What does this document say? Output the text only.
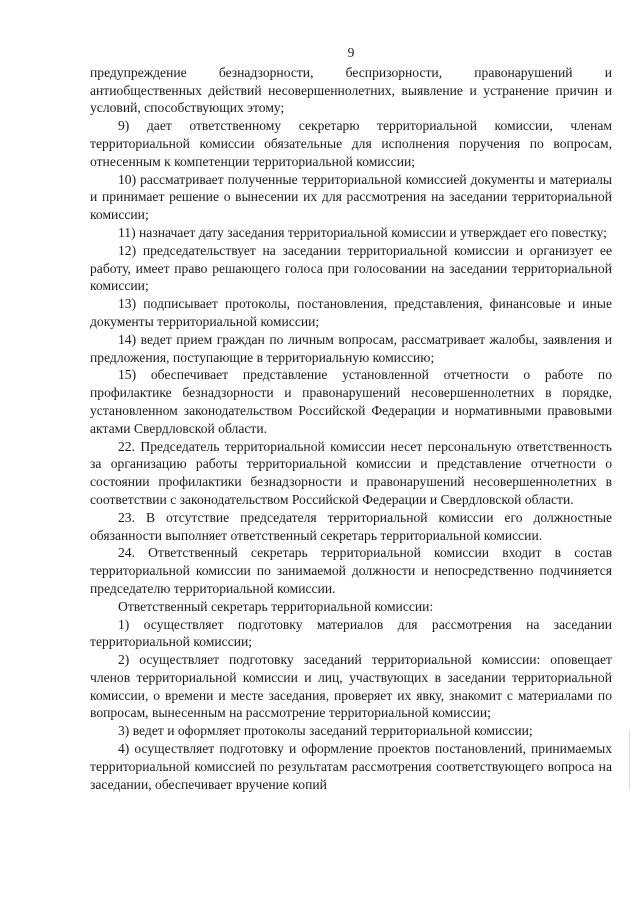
9

предупреждение безнадзорности, беспризорности, правонарушений и антиобщественных действий несовершеннолетних, выявление и устранение причин и условий, способствующих этому;

9) дает ответственному секретарю территориальной комиссии, членам территориальной комиссии обязательные для исполнения поручения по вопросам, отнесенным к компетенции территориальной комиссии;

10) рассматривает полученные территориальной комиссией документы и материалы и принимает решение о вынесении их для рассмотрения на заседании территориальной комиссии;

11) назначает дату заседания территориальной комиссии и утверждает его повестку;

12) председательствует на заседании территориальной комиссии и организует ее работу, имеет право решающего голоса при голосовании на заседании территориальной комиссии;

13) подписывает протоколы, постановления, представления, финансовые и иные документы территориальной комиссии;

14) ведет прием граждан по личным вопросам, рассматривает жалобы, заявления и предложения, поступающие в территориальную комиссию;

15) обеспечивает представление установленной отчетности о работе по профилактике безнадзорности и правонарушений несовершеннолетних в порядке, установленном законодательством Российской Федерации и нормативными правовыми актами Свердловской области.

22. Председатель территориальной комиссии несет персональную ответственность за организацию работы территориальной комиссии и представление отчетности о состоянии профилактики безнадзорности и правонарушений несовершеннолетних в соответствии с законодательством Российской Федерации и Свердловской области.

23. В отсутствие председателя территориальной комиссии его должностные обязанности выполняет ответственный секретарь территориальной комиссии.

24. Ответственный секретарь территориальной комиссии входит в состав территориальной комиссии по занимаемой должности и непосредственно подчиняется председателю территориальной комиссии.

Ответственный секретарь территориальной комиссии:

1) осуществляет подготовку материалов для рассмотрения на заседании территориальной комиссии;

2) осуществляет подготовку заседаний территориальной комиссии: оповещает членов территориальной комиссии и лиц, участвующих в заседании территориальной комиссии, о времени и месте заседания, проверяет их явку, знакомит с материалами по вопросам, вынесенным на рассмотрение территориальной комиссии;

3) ведет и оформляет протоколы заседаний территориальной комиссии;

4) осуществляет подготовку и оформление проектов постановлений, принимаемых территориальной комиссией по результатам рассмотрения соответствующего вопроса на заседании, обеспечивает вручение копий
